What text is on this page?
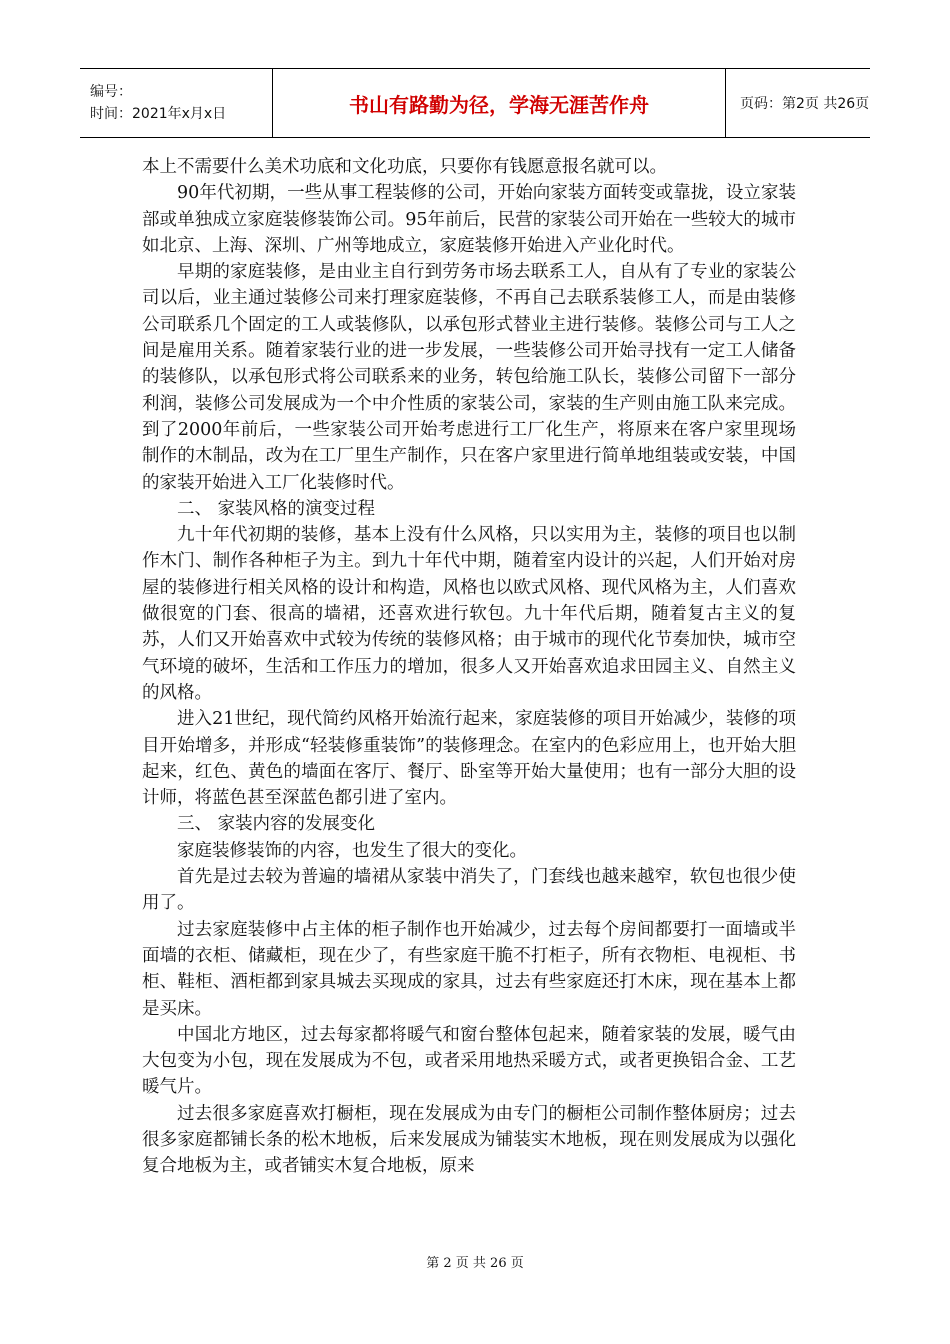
编号：
时间：2021年x月x日	书山有路勤为径，学海无涯苦作舟	页码：第2页 共26页

本上不需要什么美术功底和文化功底，只要你有钱愿意报名就可以。

90年代初期，一些从事工程装修的公司，开始向家装方面转变或靠拢，设立家装部或单独成立家庭装修装饰公司。95年前后，民营的家装公司开始在一些较大的城市如北京、上海、深圳、广州等地成立，家庭装修开始进入产业化时代。

早期的家庭装修，是由业主自行到劳务市场去联系工人，自从有了专业的家装公司以后，业主通过装修公司来打理家庭装修，不再自己去联系装修工人，而是由装修公司联系几个固定的工人或装修队，以承包形式替业主进行装修。装修公司与工人之间是雇用关系。随着家装行业的进一步发展，一些装修公司开始寻找有一定工人储备的装修队，以承包形式将公司联系来的业务，转包给施工队长，装修公司留下一部分利润，装修公司发展成为一个中介性质的家装公司，家装的生产则由施工队来完成。到了2000年前后，一些家装公司开始考虑进行工厂化生产，将原来在客户家里现场制作的木制品，改为在工厂里生产制作，只在客户家里进行简单地组装或安装，中国的家装开始进入工厂化装修时代。

二、 家装风格的演变过程

九十年代初期的装修，基本上没有什么风格，只以实用为主，装修的项目也以制作木门、制作各种柜子为主。到九十年代中期，随着室内设计的兴起，人们开始对房屋的装修进行相关风格的设计和构造，风格也以欧式风格、现代风格为主，人们喜欢做很宽的门套、很高的墙裙，还喜欢进行软包。九十年代后期，随着复古主义的复苏，人们又开始喜欢中式较为传统的装修风格；由于城市的现代化节奏加快，城市空气环境的破坏，生活和工作压力的增加，很多人又开始喜欢追求田园主义、自然主义的风格。

进入21世纪，现代简约风格开始流行起来，家庭装修的项目开始减少，装修的项目开始增多，并形成“轻装修重装饰”的装修理念。在室内的色彩应用上，也开始大胆起来，红色、黄色的墙面在客厅、餐厅、卧室等开始大量使用；也有一部分大胆的设计师，将蓝色甚至深蓝色都引进了室内。

三、 家装内容的发展变化

家庭装修装饰的内容，也发生了很大的变化。

首先是过去较为普遍的墙裙从家装中消失了，门套线也越来越窄，软包也很少使用了。

过去家庭装修中占主体的柜子制作也开始减少，过去每个房间都要打一面墙或半面墙的衣柜、储藏柜，现在少了，有些家庭干脆不打柜子，所有衣物柜、电视柜、书柜、鞋柜、酒柜都到家具城去买现成的家具，过去有些家庭还打木床，现在基本上都是买床。

中国北方地区，过去每家都将暖气和窗台整体包起来，随着家装的发展，暖气由大包变为小包，现在发展成为不包，或者采用地热采暖方式，或者更换铝合金、工艺暖气片。

过去很多家庭喜欢打橱柜，现在发展成为由专门的橱柜公司制作整体厨房；过去很多家庭都铺长条的松木地板，后来发展成为铺装实木地板，现在则发展成为以强化复合地板为主，或者铺实木复合地板，原来

第 2 页 共 26 页
